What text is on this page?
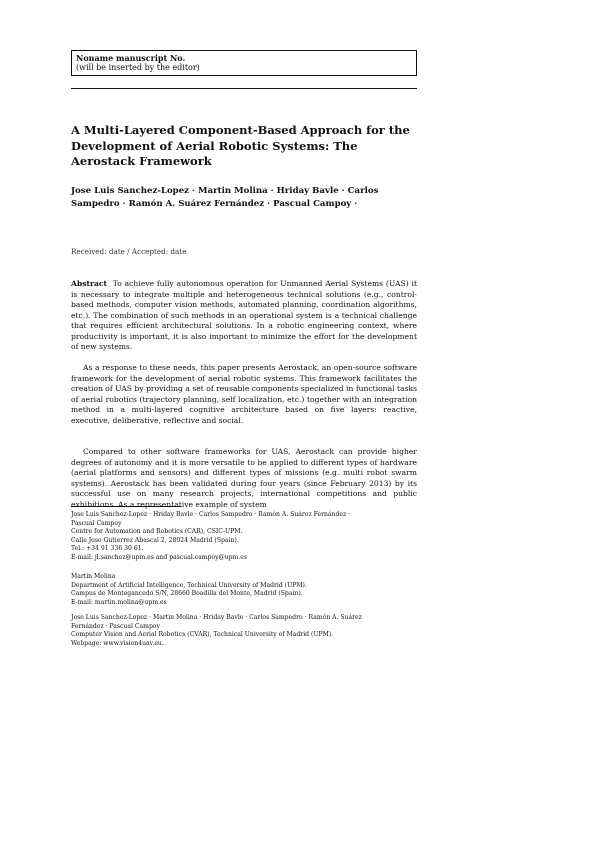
Noname manuscript No.
(will be inserted by the editor)
A Multi-Layered Component-Based Approach for the Development of Aerial Robotic Systems: The Aerostack Framework
Jose Luis Sanchez-Lopez · Martin Molina · Hriday Bavle · Carlos Sampedro · Ramón A. Suárez Fernández · Pascual Campoy ·
Received: date / Accepted: date
Abstract To achieve fully autonomous operation for Unmanned Aerial Systems (UAS) it is necessary to integrate multiple and heterogeneous technical solutions (e.g., control-based methods, computer vision methods, automated planning, coordination algorithms, etc.). The combination of such methods in an operational system is a technical challenge that requires efficient architectural solutions. In a robotic engineering context, where productivity is important, it is also important to minimize the effort for the development of new systems.
As a response to these needs, this paper presents Aerostack, an open-source software framework for the development of aerial robotic systems. This framework facilitates the creation of UAS by providing a set of reusable components specialized in functional tasks of aerial robotics (trajectory planning, self localization, etc.) together with an integration method in a multi-layered cognitive architecture based on five layers: reactive, executive, deliberative, reflective and social.
Compared to other software frameworks for UAS, Aerostack can provide higher degrees of autonomy and it is more versatile to be applied to different types of hardware (aerial platforms and sensors) and different types of missions (e.g. multi robot swarm systems). Aerostack has been validated during four years (since February 2013) by its successful use on many research projects, international competitions and public exhibitions. As a representative example of system
Jose Luis Sanchez-Lopez · Hriday Bavle · Carlos Sampedro · Ramón A. Suárez Fernández ·
Pascual Campoy
Centre for Automation and Robotics (CAR), CSIC-UPM.
Calle Jose Gutierrez Abascal 2, 28024 Madrid (Spain).
Tel.: +34 91 336 30 61.
E-mail: jl.sanchez@upm.es and pascual.campoy@upm.es
Martin Molina
Department of Artificial Intelligence, Technical University of Madrid (UPM).
Campus de Montegancedo S/N, 28660 Boadilla del Monte, Madrid (Spain).
E-mail: martin.molina@upm.es
Jose Luis Sanchez-Lopez · Martin Molina · Hriday Bavle · Carlos Sampedro · Ramón A. Suárez
Fernández · Pascual Campoy
Computer Vision and Aerial Robotics (CVAR), Technical University of Madrid (UPM).
Webpage: www.vision4uav.eu.
